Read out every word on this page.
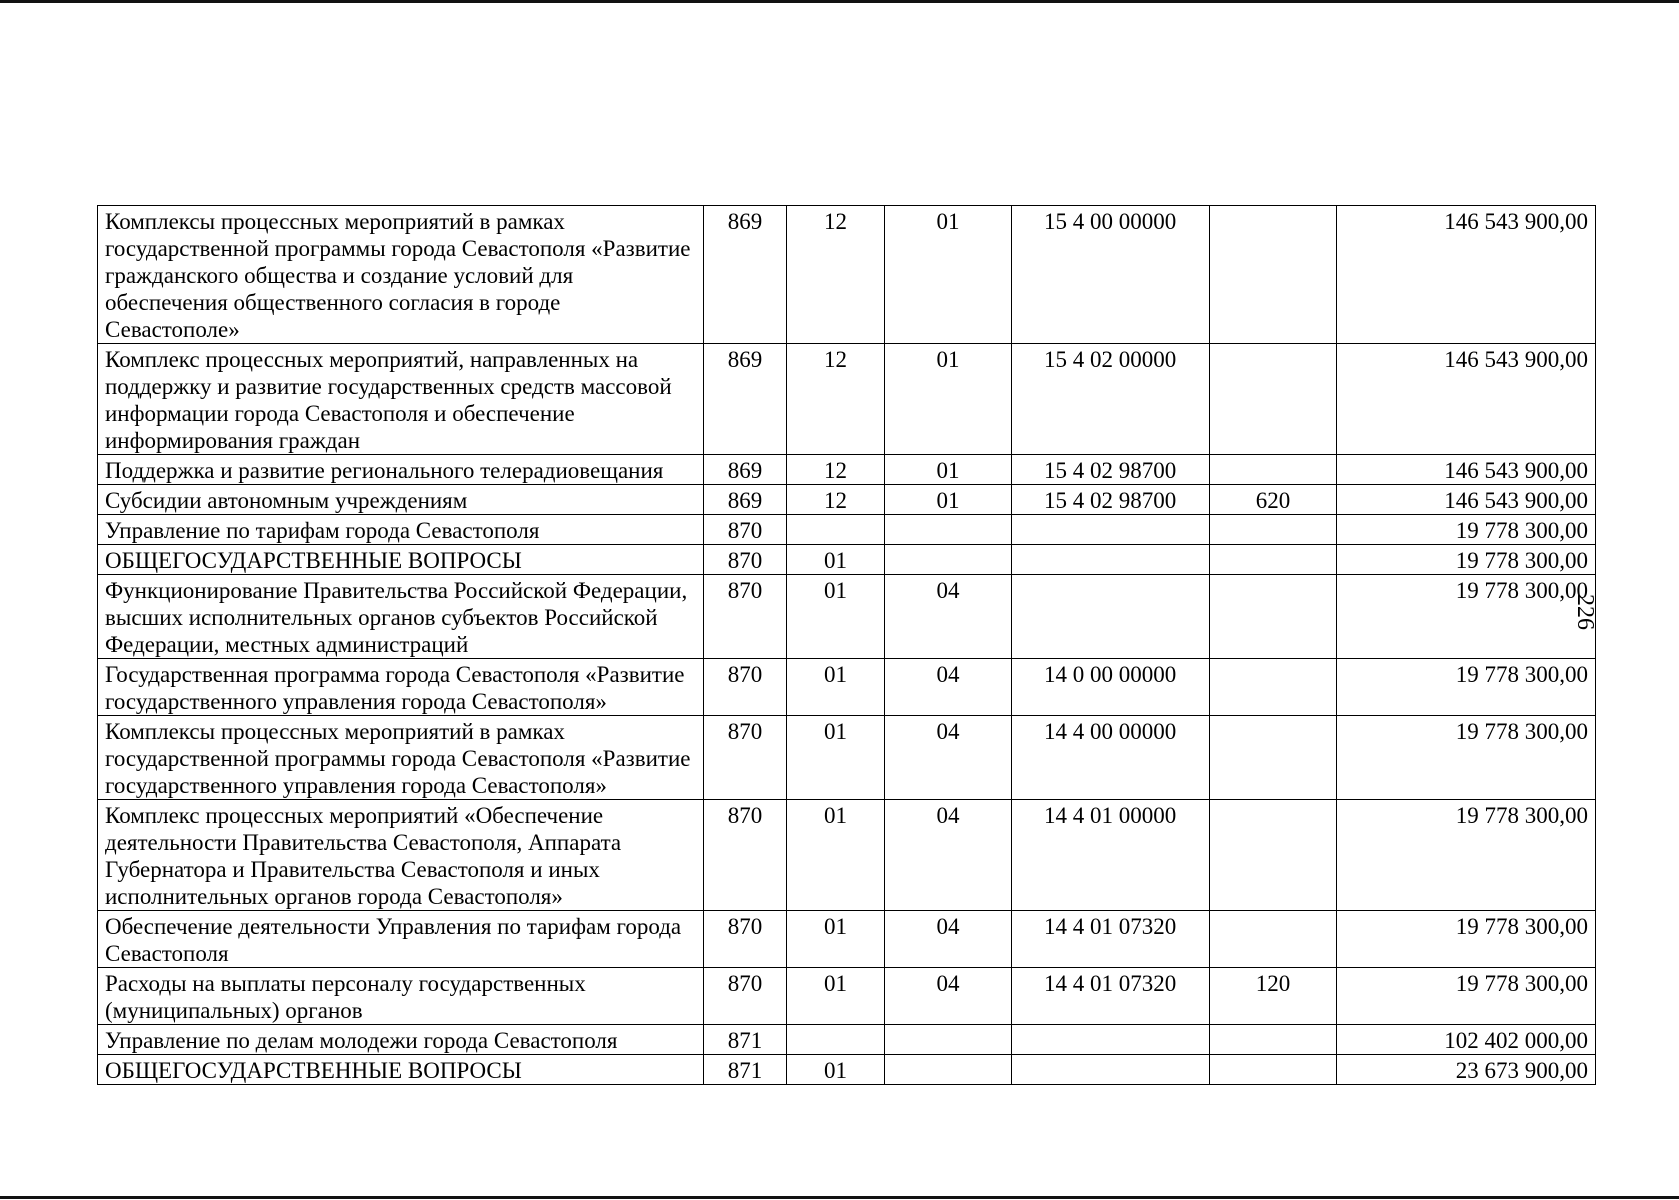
Комплексы процессных мероприятий в рамках государственной программы города Севастополя «Развитие гражданского общества и создание условий для обеспечения общественного согласия в городе Севастополе»	869	12	01	15 4 00 00000		146 543 900,00
Комплекс процессных мероприятий, направленных на поддержку и развитие государственных средств массовой информации города Севастополя и обеспечение информирования граждан	869	12	01	15 4 02 00000		146 543 900,00
Поддержка и развитие регионального телерадиовещания	869	12	01	15 4 02 98700		146 543 900,00
Субсидии автономным учреждениям	869	12	01	15 4 02 98700	620	146 543 900,00
Управление по тарифам города Севастополя	870					19 778 300,00
ОБЩЕГОСУДАРСТВЕННЫЕ ВОПРОСЫ	870	01				19 778 300,00
Функционирование Правительства Российской Федерации, высших исполнительных органов субъектов Российской Федерации, местных администраций	870	01	04			19 778 300,00
Государственная программа города Севастополя «Развитие государственного управления города Севастополя»	870	01	04	14 0 00 00000		19 778 300,00
Комплексы процессных мероприятий в рамках государственной программы города Севастополя «Развитие государственного управления города Севастополя»	870	01	04	14 4 00 00000		19 778 300,00
Комплекс процессных мероприятий «Обеспечение деятельности Правительства Севастополя, Аппарата Губернатора и Правительства Севастополя и иных исполнительных органов города Севастополя»	870	01	04	14 4 01 00000		19 778 300,00
Обеспечение деятельности Управления по тарифам города Севастополя	870	01	04	14 4 01 07320		19 778 300,00
Расходы на выплаты персоналу государственных (муниципальных) органов	870	01	04	14 4 01 07320	120	19 778 300,00
Управление по делам молодежи города Севастополя	871					102 402 000,00
ОБЩЕГОСУДАРСТВЕННЫЕ ВОПРОСЫ	871	01				23 673 900,00
226
